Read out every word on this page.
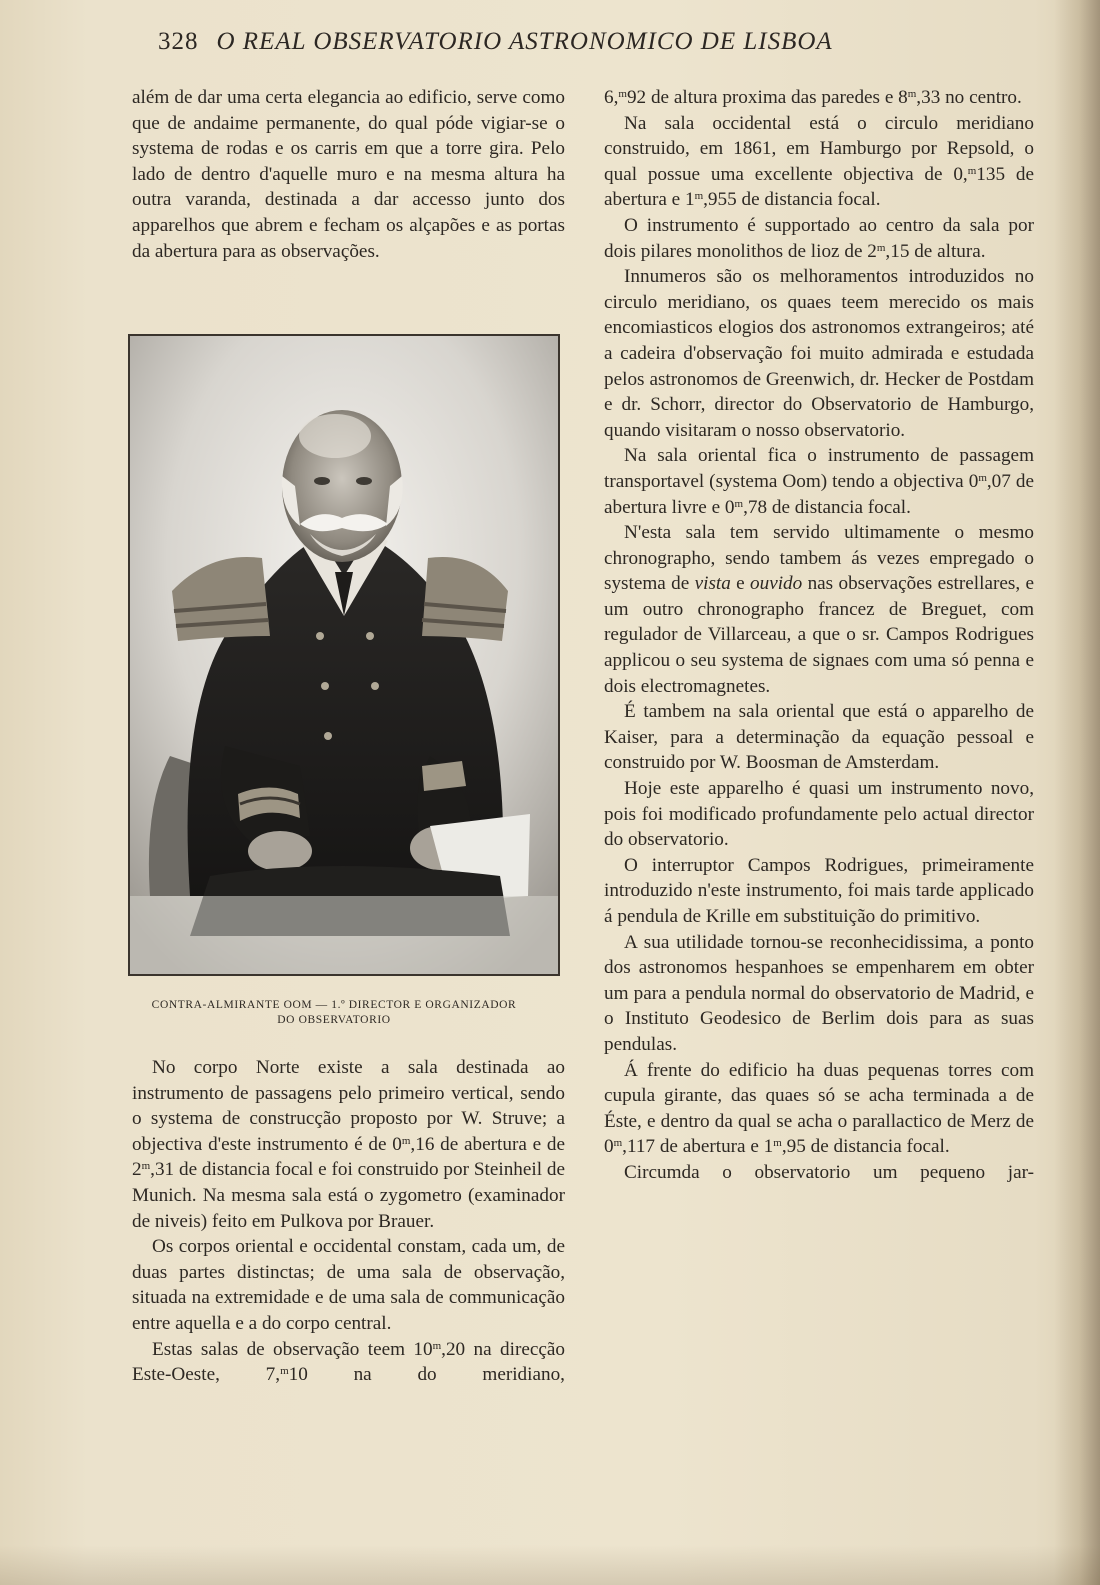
328 O REAL OBSERVATORIO ASTRONOMICO DE LISBOA

além de dar uma certa elegancia ao edificio, serve como que de andaime permanente, do qual póde vigiar-se o systema de rodas e os carris em que a torre gira. Pelo lado de dentro d'aquelle muro e na mesma altura ha outra varanda, destinada a dar accesso junto dos apparelhos que abrem e fecham os alçapões e as portas da abertura para as observações.

CONTRA-ALMIRANTE OOM — 1.º DIRECTOR E ORGANIZADOR
DO OBSERVATORIO

No corpo Norte existe a sala destinada ao instrumento de passagens pelo primeiro vertical, sendo o systema de construcção proposto por W. Struve; a objectiva d'este instrumento é de 0$^m$,16 de abertura e de 2$^m$,31 de distancia focal e foi construido por Steinheil de Munich. Na mesma sala está o zygometro (examinador de niveis) feito em Pulkova por Brauer.

Os corpos oriental e occidental constam, cada um, de duas partes distinctas; de uma sala de observação, situada na extremidade e de uma sala de communicação entre aquella e a do corpo central.

Estas salas de observação teem 10$^m$,20 na direcção Este-Oeste, 7,$^m$10 na do meridiano,

6,$^m$92 de altura proxima das paredes e 8$^m$,33 no centro.

Na sala occidental está o circulo meridiano construido, em 1861, em Hamburgo por Repsold, o qual possue uma excellente objectiva de 0,$^m$135 de abertura e 1$^m$,955 de distancia focal.

O instrumento é supportado ao centro da sala por dois pilares monolithos de lioz de 2$^m$,15 de altura.

Innumeros são os melhoramentos introduzidos no circulo meridiano, os quaes teem merecido os mais encomiasticos elogios dos astronomos extrangeiros; até a cadeira d'observação foi muito admirada e estudada pelos astronomos de Greenwich, dr. Hecker de Postdam e dr. Schorr, director do Observatorio de Hamburgo, quando visitaram o nosso observatorio.

Na sala oriental fica o instrumento de passagem transportavel (systema Oom) tendo a objectiva 0$^m$,07 de abertura livre e 0$^m$,78 de distancia focal.

N'esta sala tem servido ultimamente o mesmo chronographo, sendo tambem ás vezes empregado o systema de vista e ouvido nas observações estrellares, e um outro chronographo francez de Breguet, com regulador de Villarceau, a que o sr. Campos Rodrigues applicou o seu systema de signaes com uma só penna e dois electromagnetes.

É tambem na sala oriental que está o apparelho de Kaiser, para a determinação da equação pessoal e construido por W. Boosman de Amsterdam.

Hoje este apparelho é quasi um instrumento novo, pois foi modificado profundamente pelo actual director do observatorio.

O interruptor Campos Rodrigues, primeiramente introduzido n'este instrumento, foi mais tarde applicado á pendula de Krille em substituição do primitivo.

A sua utilidade tornou-se reconhecidissima, a ponto dos astronomos hespanhoes se empenharem em obter um para a pendula normal do observatorio de Madrid, e o Instituto Geodesico de Berlim dois para as suas pendulas.

Á frente do edificio ha duas pequenas torres com cupula girante, das quaes só se acha terminada a de Éste, e dentro da qual se acha o parallactico de Merz de 0$^m$,117 de abertura e 1$^m$,95 de distancia focal.

Circumda o observatorio um pequeno jar-
